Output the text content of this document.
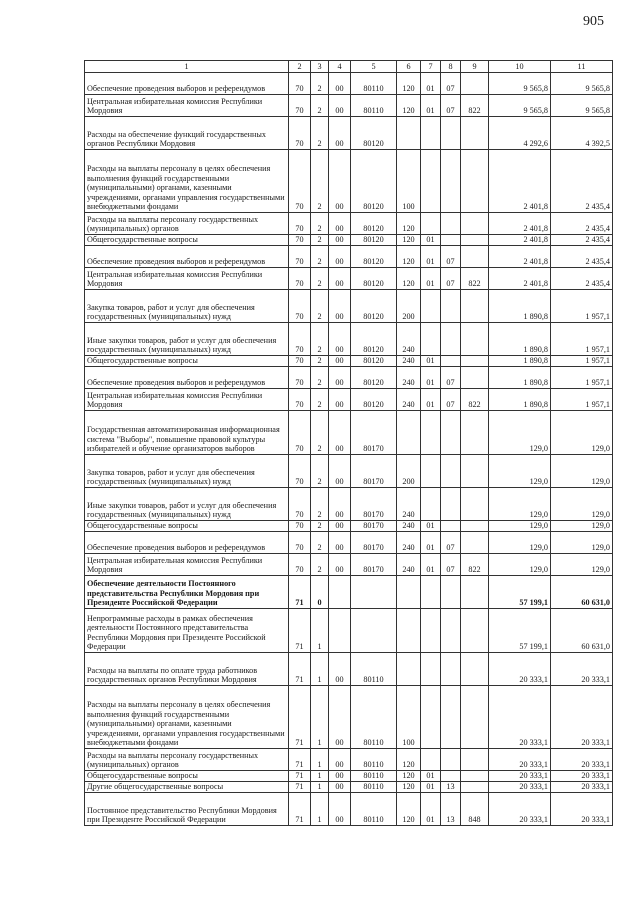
905
1	2	3	4	5	6	7	8	9	10	11
Обеспечение проведения выборов и референдумов	70	2	00	80110	120	01	07		9 565,8	9 565,8
Центральная избирательная комиссия Республики Мордовия	70	2	00	80110	120	01	07	822	9 565,8	9 565,8
Расходы на обеспечение функций государственных органов Республики Мордовия	70	2	00	80120					4 292,6	4 392,5
Расходы на выплаты персоналу в целях обеспечения выполнения функций государственными (муниципальными) органами, казенными учреждениями, органами управления государственными внебюджетными фондами	70	2	00	80120	100				2 401,8	2 435,4
Расходы на выплаты персоналу государственных (муниципальных) органов	70	2	00	80120	120				2 401,8	2 435,4
Общегосударственные вопросы	70	2	00	80120	120	01			2 401,8	2 435,4
Обеспечение проведения выборов и референдумов	70	2	00	80120	120	01	07		2 401,8	2 435,4
Центральная избирательная комиссия Республики Мордовия	70	2	00	80120	120	01	07	822	2 401,8	2 435,4
Закупка товаров, работ и услуг для обеспечения государственных (муниципальных) нужд	70	2	00	80120	200				1 890,8	1 957,1
Иные закупки товаров, работ и услуг для обеспечения государственных (муниципальных) нужд	70	2	00	80120	240				1 890,8	1 957,1
Общегосударственные вопросы	70	2	00	80120	240	01			1 890,8	1 957,1
Обеспечение проведения выборов и референдумов	70	2	00	80120	240	01	07		1 890,8	1 957,1
Центральная избирательная комиссия Республики Мордовия	70	2	00	80120	240	01	07	822	1 890,8	1 957,1
Государственная автоматизированная информационная система "Выборы", повышение правовой культуры избирателей и обучение организаторов выборов	70	2	00	80170					129,0	129,0
Закупка товаров, работ и услуг для обеспечения государственных (муниципальных) нужд	70	2	00	80170	200				129,0	129,0
Иные закупки товаров, работ и услуг для обеспечения государственных (муниципальных) нужд	70	2	00	80170	240				129,0	129,0
Общегосударственные вопросы	70	2	00	80170	240	01			129,0	129,0
Обеспечение проведения выборов и референдумов	70	2	00	80170	240	01	07		129,0	129,0
Центральная избирательная комиссия Республики Мордовия	70	2	00	80170	240	01	07	822	129,0	129,0
Обеспечение деятельности Постоянного представительства Республики Мордовия при Президенте Российской Федерации	71	0							57 199,1	60 631,0
Непрограммные расходы в рамках обеспечения деятельности Постоянного представительства Республики Мордовия при Президенте Российской Федерации	71	1							57 199,1	60 631,0
Расходы на выплаты по оплате труда работников государственных органов Республики Мордовия	71	1	00	80110					20 333,1	20 333,1
Расходы на выплаты персоналу в целях обеспечения выполнения функций государственными (муниципальными) органами, казенными учреждениями, органами управления государственными внебюджетными фондами	71	1	00	80110	100				20 333,1	20 333,1
Расходы на выплаты персоналу государственных (муниципальных) органов	71	1	00	80110	120				20 333,1	20 333,1
Общегосударственные вопросы	71	1	00	80110	120	01			20 333,1	20 333,1
Другие общегосударственные вопросы	71	1	00	80110	120	01	13		20 333,1	20 333,1
Постоянное представительство Республики Мордовия при Президенте Российской Федерации	71	1	00	80110	120	01	13	848	20 333,1	20 333,1
